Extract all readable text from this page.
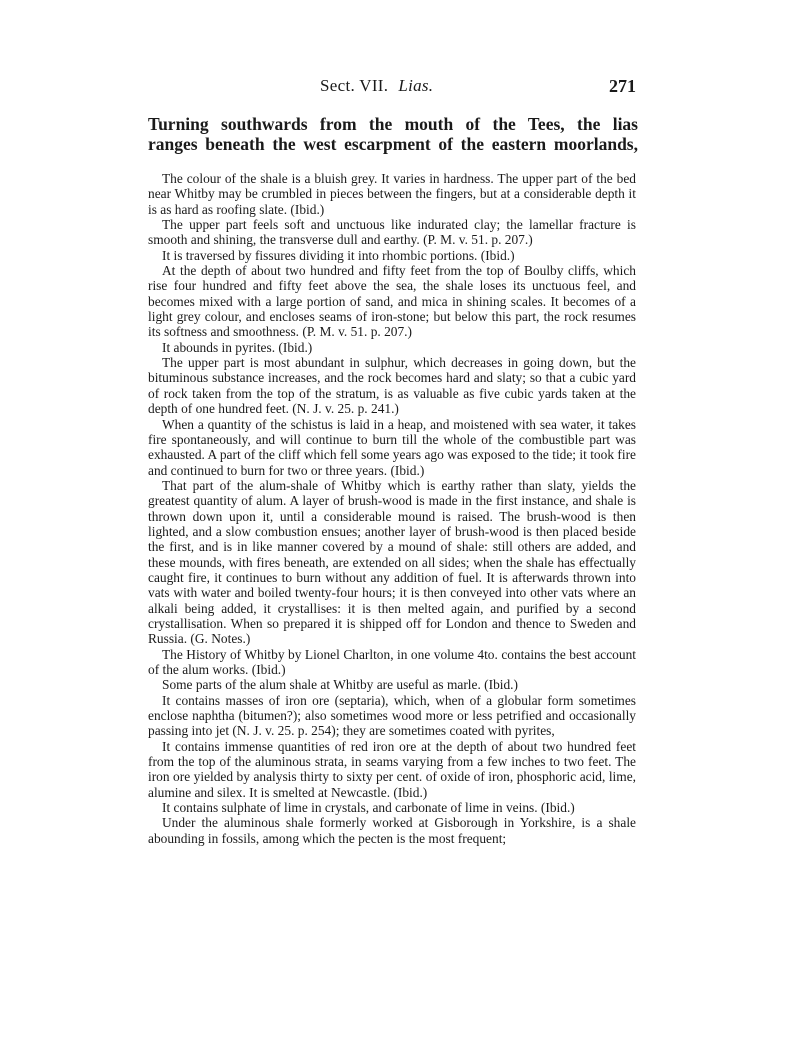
Sect. VII. Lias.	271
Turning southwards from the mouth of the Tees, the lias
ranges beneath the west escarpment of the eastern moorlands,

The colour of the shale is a bluish grey. It varies in hardness. The upper part of the bed near Whitby may be crumbled in pieces between the fingers, but at a considerable depth it is as hard as roofing slate. (Ibid.)

The upper part feels soft and unctuous like indurated clay; the lamellar fracture is smooth and shining, the transverse dull and earthy. (P. M. v. 51. p. 207.)

It is traversed by fissures dividing it into rhombic portions. (Ibid.)

At the depth of about two hundred and fifty feet from the top of Boulby cliffs, which rise four hundred and fifty feet above the sea, the shale loses its unctuous feel, and becomes mixed with a large portion of sand, and mica in shining scales. It becomes of a light grey colour, and encloses seams of iron-stone; but below this part, the rock resumes its softness and smoothness. (P. M. v. 51. p. 207.)

It abounds in pyrites. (Ibid.)

The upper part is most abundant in sulphur, which decreases in going down, but the bituminous substance increases, and the rock becomes hard and slaty; so that a cubic yard of rock taken from the top of the stratum, is as valuable as five cubic yards taken at the depth of one hundred feet. (N. J. v. 25. p. 241.)

When a quantity of the schistus is laid in a heap, and moistened with sea water, it takes fire spontaneously, and will continue to burn till the whole of the combustible part was exhausted. A part of the cliff which fell some years ago was exposed to the tide; it took fire and continued to burn for two or three years. (Ibid.)

That part of the alum-shale of Whitby which is earthy rather than slaty, yields the greatest quantity of alum. A layer of brush-wood is made in the first instance, and shale is thrown down upon it, until a considerable mound is raised. The brush-wood is then lighted, and a slow combustion ensues; another layer of brush-wood is then placed beside the first, and is in like manner covered by a mound of shale: still others are added, and these mounds, with fires beneath, are extended on all sides; when the shale has effectually caught fire, it continues to burn without any addition of fuel. It is afterwards thrown into vats with water and boiled twenty-four hours; it is then conveyed into other vats where an alkali being added, it crystallises: it is then melted again, and purified by a second crystallisation. When so prepared it is shipped off for London and thence to Sweden and Russia. (G. Notes.)

The History of Whitby by Lionel Charlton, in one volume 4to. contains the best account of the alum works. (Ibid.)

Some parts of the alum shale at Whitby are useful as marle. (Ibid.)

It contains masses of iron ore (septaria), which, when of a globular form sometimes enclose naphtha (bitumen?); also sometimes wood more or less petrified and occasionally passing into jet (N. J. v. 25. p. 254); they are sometimes coated with pyrites,

It contains immense quantities of red iron ore at the depth of about two hundred feet from the top of the aluminous strata, in seams varying from a few inches to two feet. The iron ore yielded by analysis thirty to sixty per cent. of oxide of iron, phosphoric acid, lime, alumine and silex. It is smelted at Newcastle. (Ibid.)

It contains sulphate of lime in crystals, and carbonate of lime in veins. (Ibid.)

Under the aluminous shale formerly worked at Gisborough in Yorkshire, is a shale abounding in fossils, among which the pecten is the most frequent;
